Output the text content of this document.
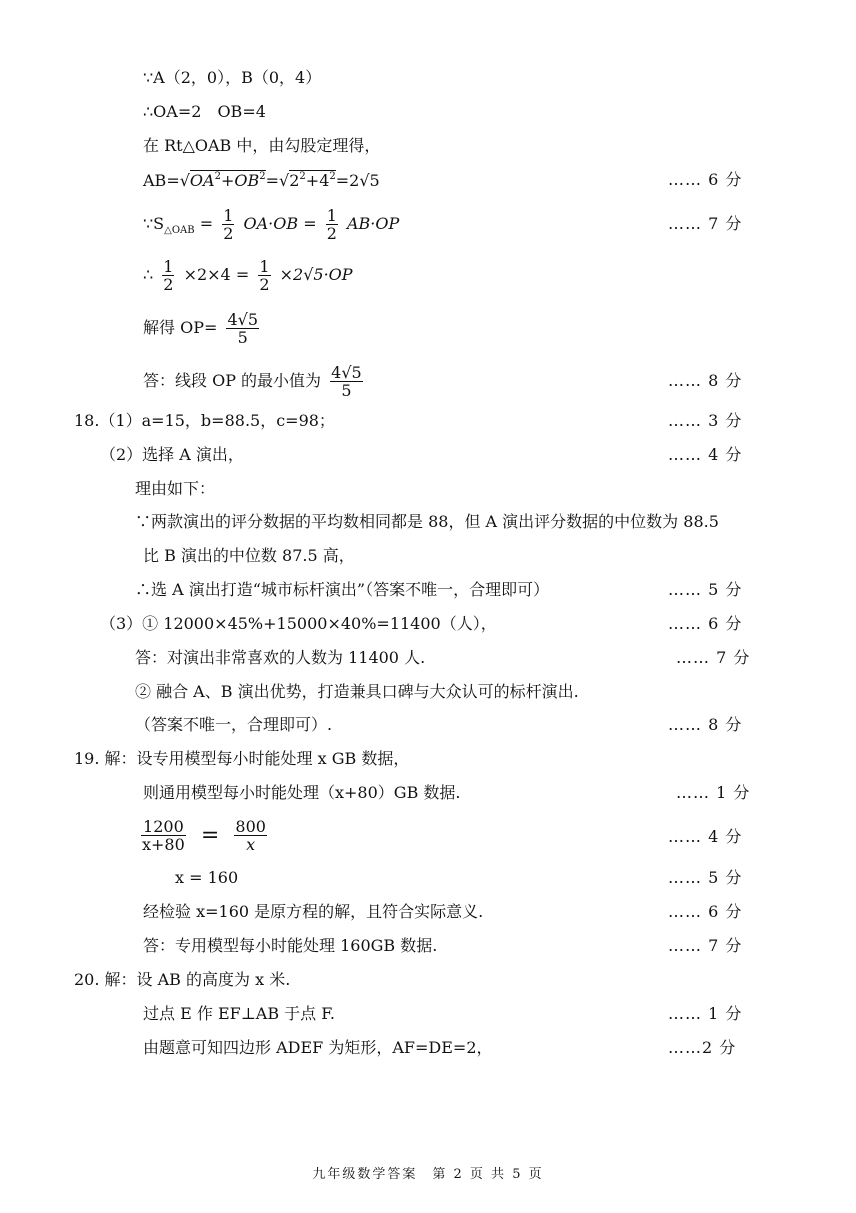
∵A（2，0），B（0，4）
∴OA=2　OB=4
在 Rt△OAB 中，由勾股定理得，
$AB=√OA^2+OB^2=√2^2+4^2=2√5$	…… 6 分
$\because S_{\triangle OAB} = \frac{1}{2} OA\cdot OB = \frac{1}{2} AB\cdot OP$	…… 7 分
∴ $\frac{1}{2} \times 2\times 4 = \frac{1}{2} \times 2√5\cdot OP$
解得 $OP= \frac{4√5}{5}$
答：线段 OP 的最小值为 $\frac{4√5}{5}$	…… 8 分
18.（1）a=15，b=88.5，c=98；	…… 3 分
（2）选择 A 演出，	…… 4 分
理由如下：
∵两款演出的评分数据的平均数相同都是 88，但 A 演出评分数据的中位数为 88.5
比 B 演出的中位数 87.5 高，
∴选 A 演出打造“城市标杆演出”（答案不唯一，合理即可）	…… 5 分
（3）① 12000×45%+15000×40%=11400（人），	…… 6 分
答：对演出非常喜欢的人数为 11400 人.	…… 7 分
② 融合 A、B 演出优势，打造兼具口碑与大众认可的标杆演出.
（答案不唯一，合理即可）.	…… 8 分
19. 解：设专用模型每小时能处理 x GB 数据，
则通用模型每小时能处理（x+80）GB 数据.	…… 1 分
$\frac{1200}{x+80} = \frac{800}{x}$	…… 4 分
x = 160	…… 5 分
经检验 x=160 是原方程的解，且符合实际意义.	…… 6 分
答：专用模型每小时能处理 160GB 数据.	…… 7 分
20. 解：设 AB 的高度为 x 米.
过点 E 作 EF⊥AB 于点 F.	…… 1 分
由题意可知四边形 ADEF 为矩形，AF=DE=2，	……2 分
九年级数学答案　第 2 页 共 5 页
